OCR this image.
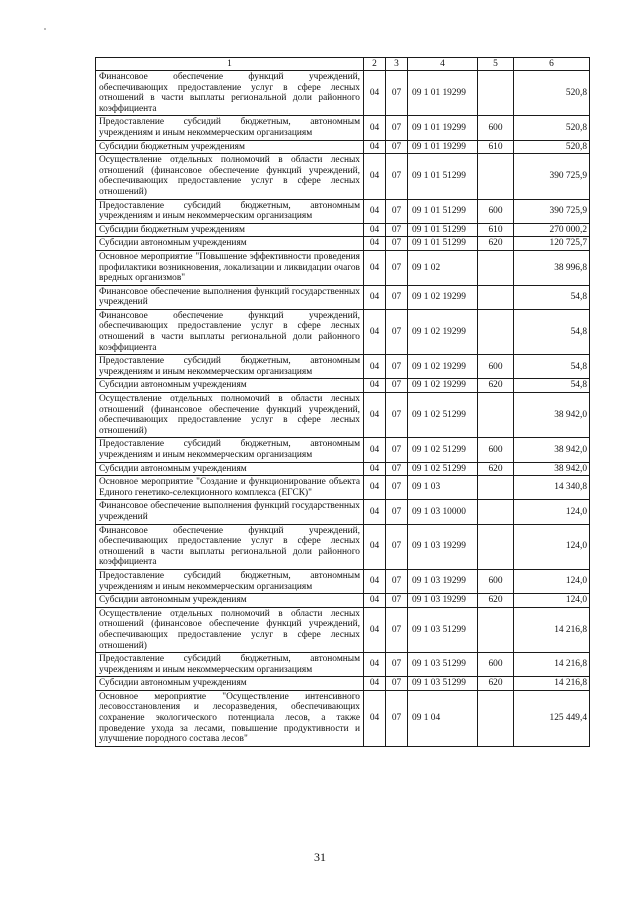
1	2	3	4	5	6
Финансовое обеспечение функций учреждений, обеспечивающих предоставление услуг в сфере лесных отношений в части выплаты региональной доли районного коэффициента	04	07	09 1 01 19299		520,8
Предоставление субсидий бюджетным, автономным учреждениям и иным некоммерческим организациям	04	07	09 1 01 19299	600	520,8
Субсидии бюджетным учреждениям	04	07	09 1 01 19299	610	520,8
Осуществление отдельных полномочий в области лесных отношений (финансовое обеспечение функций учреждений, обеспечивающих предоставление услуг в сфере лесных отношений)	04	07	09 1 01 51299		390 725,9
Предоставление субсидий бюджетным, автономным учреждениям и иным некоммерческим организациям	04	07	09 1 01 51299	600	390 725,9
Субсидии бюджетным учреждениям	04	07	09 1 01 51299	610	270 000,2
Субсидии автономным учреждениям	04	07	09 1 01 51299	620	120 725,7
Основное мероприятие "Повышение эффективности проведения профилактики возникновения, локализации и ликвидации очагов вредных организмов"	04	07	09 1 02		38 996,8
Финансовое обеспечение выполнения функций государственных учреждений	04	07	09 1 02 19299		54,8
Финансовое обеспечение функций учреждений, обеспечивающих предоставление услуг в сфере лесных отношений в части выплаты региональной доли районного коэффициента	04	07	09 1 02 19299		54,8
Предоставление субсидий бюджетным, автономным учреждениям и иным некоммерческим организациям	04	07	09 1 02 19299	600	54,8
Субсидии автономным учреждениям	04	07	09 1 02 19299	620	54,8
Осуществление отдельных полномочий в области лесных отношений (финансовое обеспечение функций учреждений, обеспечивающих предоставление услуг в сфере лесных отношений)	04	07	09 1 02 51299		38 942,0
Предоставление субсидий бюджетным, автономным учреждениям и иным некоммерческим организациям	04	07	09 1 02 51299	600	38 942,0
Субсидии автономным учреждениям	04	07	09 1 02 51299	620	38 942,0
Основное мероприятие "Создание и функционирование объекта Единого генетико-селекционного комплекса (ЕГСК)"	04	07	09 1 03		14 340,8
Финансовое обеспечение выполнения функций государственных учреждений	04	07	09 1 03 10000		124,0
Финансовое обеспечение функций учреждений, обеспечивающих предоставление услуг в сфере лесных отношений в части выплаты региональной доли районного коэффициента	04	07	09 1 03 19299		124,0
Предоставление субсидий бюджетным, автономным учреждениям и иным некоммерческим организациям	04	07	09 1 03 19299	600	124,0
Субсидии автономным учреждениям	04	07	09 1 03 19299	620	124,0
Осуществление отдельных полномочий в области лесных отношений (финансовое обеспечение функций учреждений, обеспечивающих предоставление услуг в сфере лесных отношений)	04	07	09 1 03 51299		14 216,8
Предоставление субсидий бюджетным, автономным учреждениям и иным некоммерческим организациям	04	07	09 1 03 51299	600	14 216,8
Субсидии автономным учреждениям	04	07	09 1 03 51299	620	14 216,8
Основное мероприятие "Осуществление интенсивного лесовосстановления и лесоразведения, обеспечивающих сохранение экологического потенциала лесов, а также проведение ухода за лесами, повышение продуктивности и улучшение породного состава лесов"	04	07	09 1 04		125 449,4
31
